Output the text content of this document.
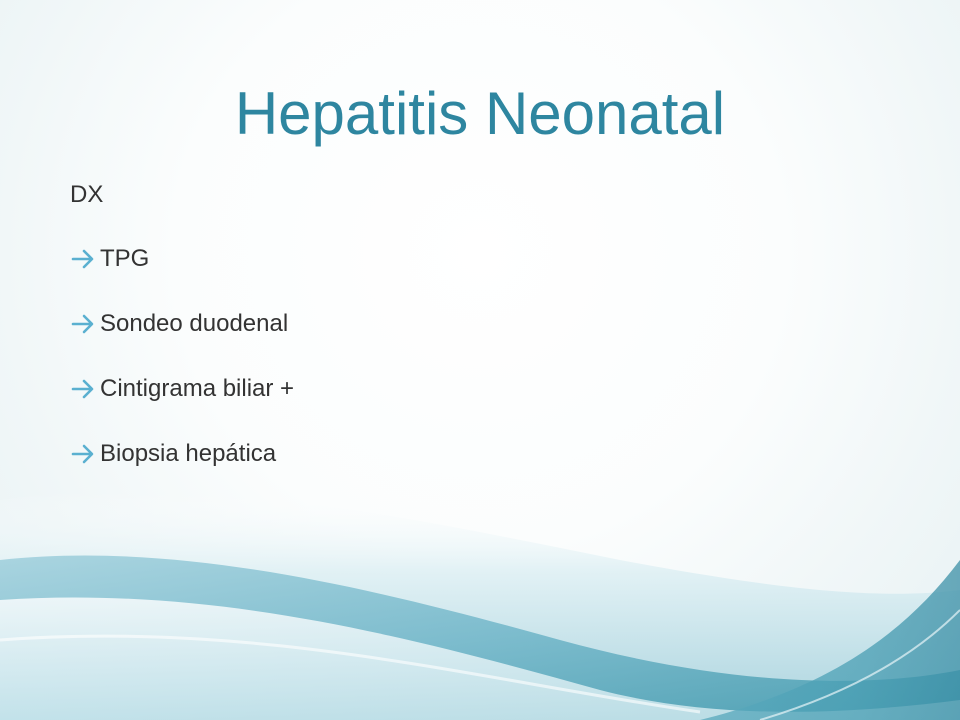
Hepatitis Neonatal
DX
TPG
Sondeo duodenal
Cintigrama biliar +
Biopsia hepática
